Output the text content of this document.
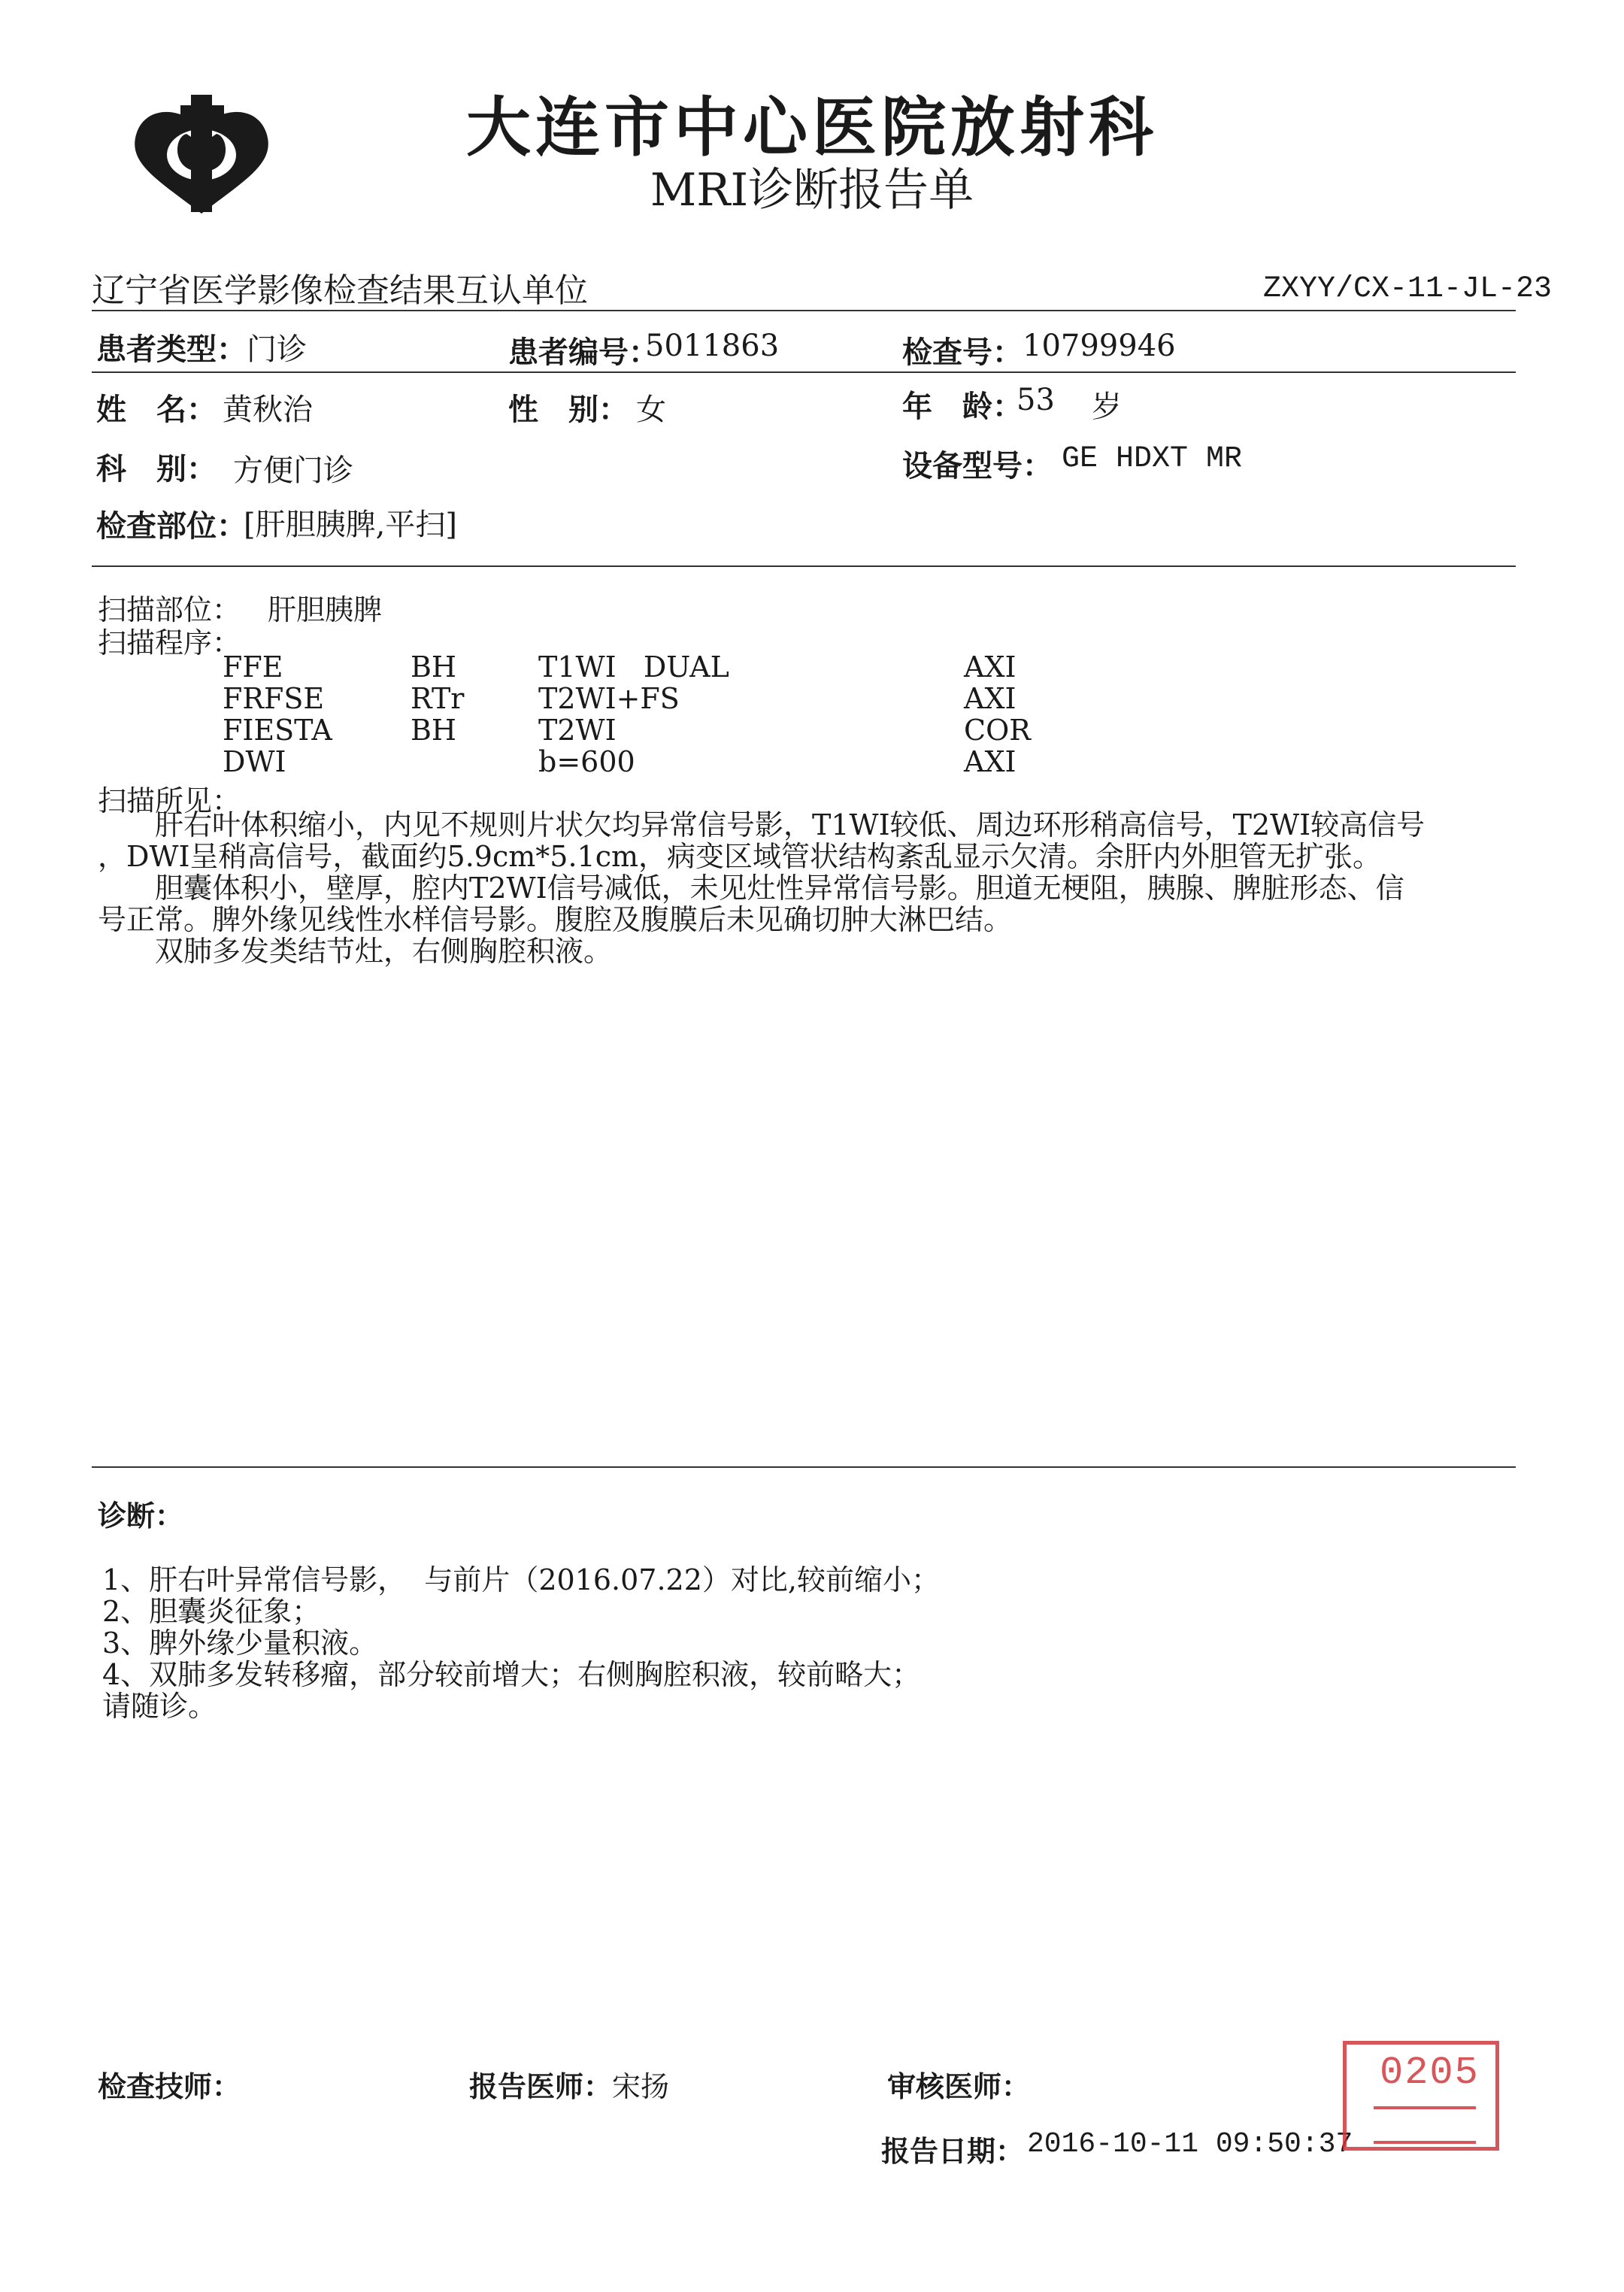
大连市中心医院放射科
MRI诊断报告单
辽宁省医学影像检查结果互认单位	ZXYY/CX-11-JL-23
患者类型： 门诊	患者编号：
5011863	检查号： 10799946
姓　名： 黄秋治	性　别： 女	年　龄：
53 岁
科　别： 方便门诊	设备型号： GE HDXT MR
检查部位：
[肝胆胰脾,平扫]
扫描部位： 肝胆胰脾
扫描程序：
FFE	BH	T1WI   DUAL	AXI
FRFSE	RTr	T2WI+FS	AXI
FIESTA	BH	T2WI	COR
DWI		b=600	AXI
扫描所见：
　　肝右叶体积缩小，内见不规则片状欠均异常信号影，T1WI较低、周边环形稍高信号，T2WI较高信号
，DWI呈稍高信号，截面约5.9cm*5.1cm，病变区域管状结构紊乱显示欠清。余肝内外胆管无扩张。
　　胆囊体积小，壁厚，腔内T2WI信号减低，未见灶性异常信号影。胆道无梗阻，胰腺、脾脏形态、信
号正常。脾外缘见线性水样信号影。腹腔及腹膜后未见确切肿大淋巴结。
　　双肺多发类结节灶，右侧胸腔积液。
诊断：
1、肝右叶异常信号影，  与前片（2016.07.22）对比,较前缩小；
2、胆囊炎征象；
3、脾外缘少量积液。
4、双肺多发转移瘤，部分较前增大；右侧胸腔积液，较前略大；
请随诊。
检查技师：	报告医师： 宋扬	审核医师：
报告日期： 2016-10-11 09:50:37

0205
